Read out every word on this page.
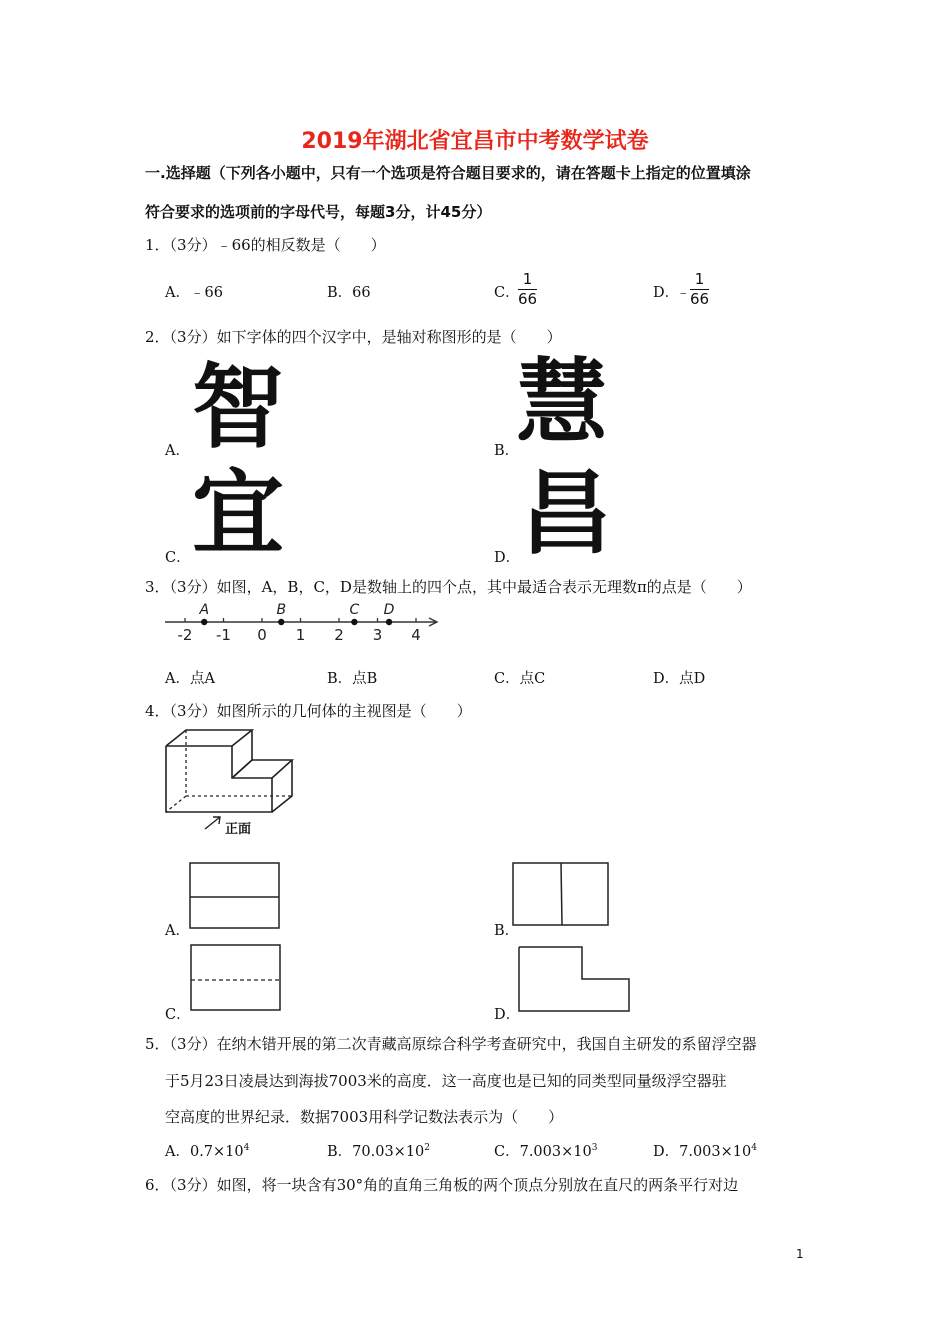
2019年湖北省宜昌市中考数学试卷
一.选择题（下列各小题中，只有一个选项是符合题目要求的，请在答题卡上指定的位置填涂
符合要求的选项前的字母代号，每题3分，计45分）
1．（3分）﹣66的相反数是（　　）
A．﹣66	B．66	C．
$\frac{1}{66}$	D．
﹣ $\frac{1}{66}$
2．（3分）如下字体的四个汉字中，是轴对称图形的是（　　）
智
A．	慧
B．
宜
C．	昌
D．
3．（3分）如图，A，B，C，D是数轴上的四个点，其中最适合表示无理数π的点是（　　）
-2 -1 0 1 2 3 4
A	B	C D
A．点A	B．点B	C．点C	D．点D
4．（3分）如图所示的几何体的主视图是（　　）
正面
A．	B．
C．	D．
5．（3分）在纳木错开展的第二次青藏高原综合科学考查研究中，我国自主研发的系留浮空器
于5月23日凌晨达到海拔7003米的高度．这一高度也是已知的同类型同量级浮空器驻
空高度的世界纪录．数据7003用科学记数法表示为（　　）
A．$0.7\times 10^4$	B．$70.03\times 10^2$	C．$7.003\times 10^3$	D．$7.003\times 10^4$
6．（3分）如图，将一块含有30°角的直角三角板的两个顶点分别放在直尺的两条平行对边
1
